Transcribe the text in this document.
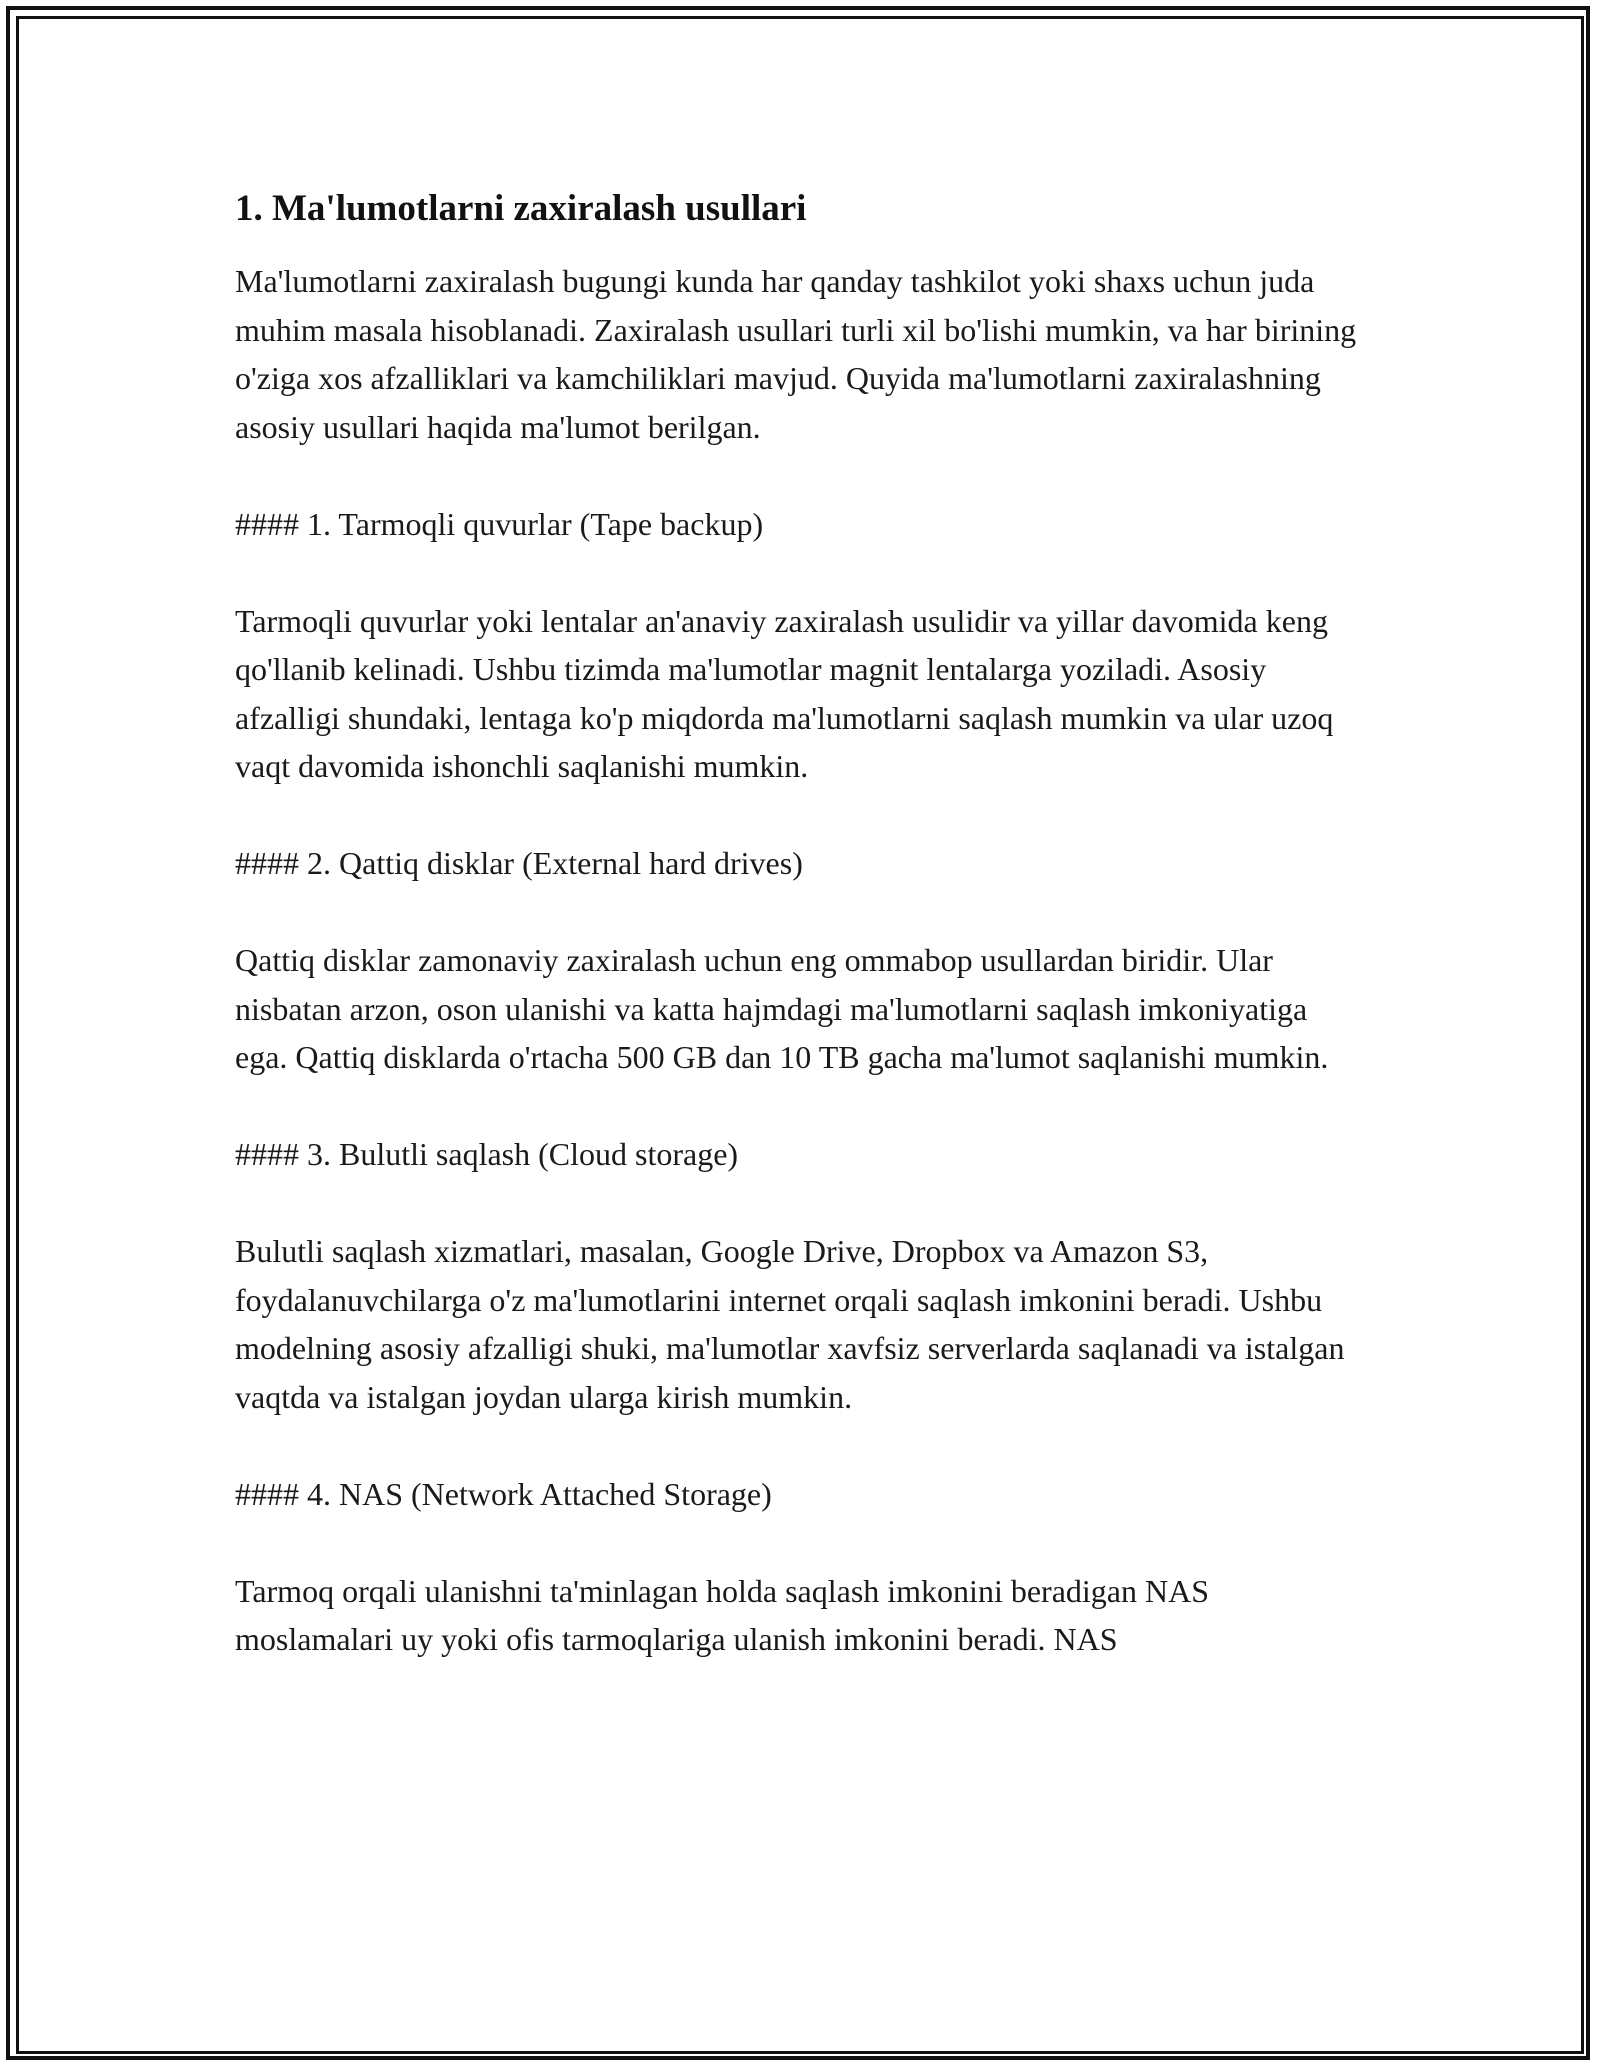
1. Ma'lumotlarni zaxiralash usullari

Ma'lumotlarni zaxiralash bugungi kunda har qanday tashkilot yoki shaxs uchun juda muhim masala hisoblanadi. Zaxiralash usullari turli xil bo'lishi mumkin, va har birining o'ziga xos afzalliklari va kamchiliklari mavjud. Quyida ma'lumotlarni zaxiralashning asosiy usullari haqida ma'lumot berilgan.

#### 1. Tarmoqli quvurlar (Tape backup)

Tarmoqli quvurlar yoki lentalar an'anaviy zaxiralash usulidir va yillar davomida keng qo'llanib kelinadi. Ushbu tizimda ma'lumotlar magnit lentalarga yoziladi. Asosiy afzalligi shundaki, lentaga ko'p miqdorda ma'lumotlarni saqlash mumkin va ular uzoq vaqt davomida ishonchli saqlanishi mumkin.

#### 2. Qattiq disklar (External hard drives)

Qattiq disklar zamonaviy zaxiralash uchun eng ommabop usullardan biridir. Ular nisbatan arzon, oson ulanishi va katta hajmdagi ma'lumotlarni saqlash imkoniyatiga ega. Qattiq disklarda o'rtacha 500 GB dan 10 TB gacha ma'lumot saqlanishi mumkin.

#### 3. Bulutli saqlash (Cloud storage)

Bulutli saqlash xizmatlari, masalan, Google Drive, Dropbox va Amazon S3, foydalanuvchilarga o'z ma'lumotlarini internet orqali saqlash imkonini beradi. Ushbu modelning asosiy afzalligi shuki, ma'lumotlar xavfsiz serverlarda saqlanadi va istalgan vaqtda va istalgan joydan ularga kirish mumkin.

#### 4. NAS (Network Attached Storage)

Tarmoq orqali ulanishni ta'minlagan holda saqlash imkonini beradigan NAS moslamalari uy yoki ofis tarmoqlariga ulanish imkonini beradi. NAS
